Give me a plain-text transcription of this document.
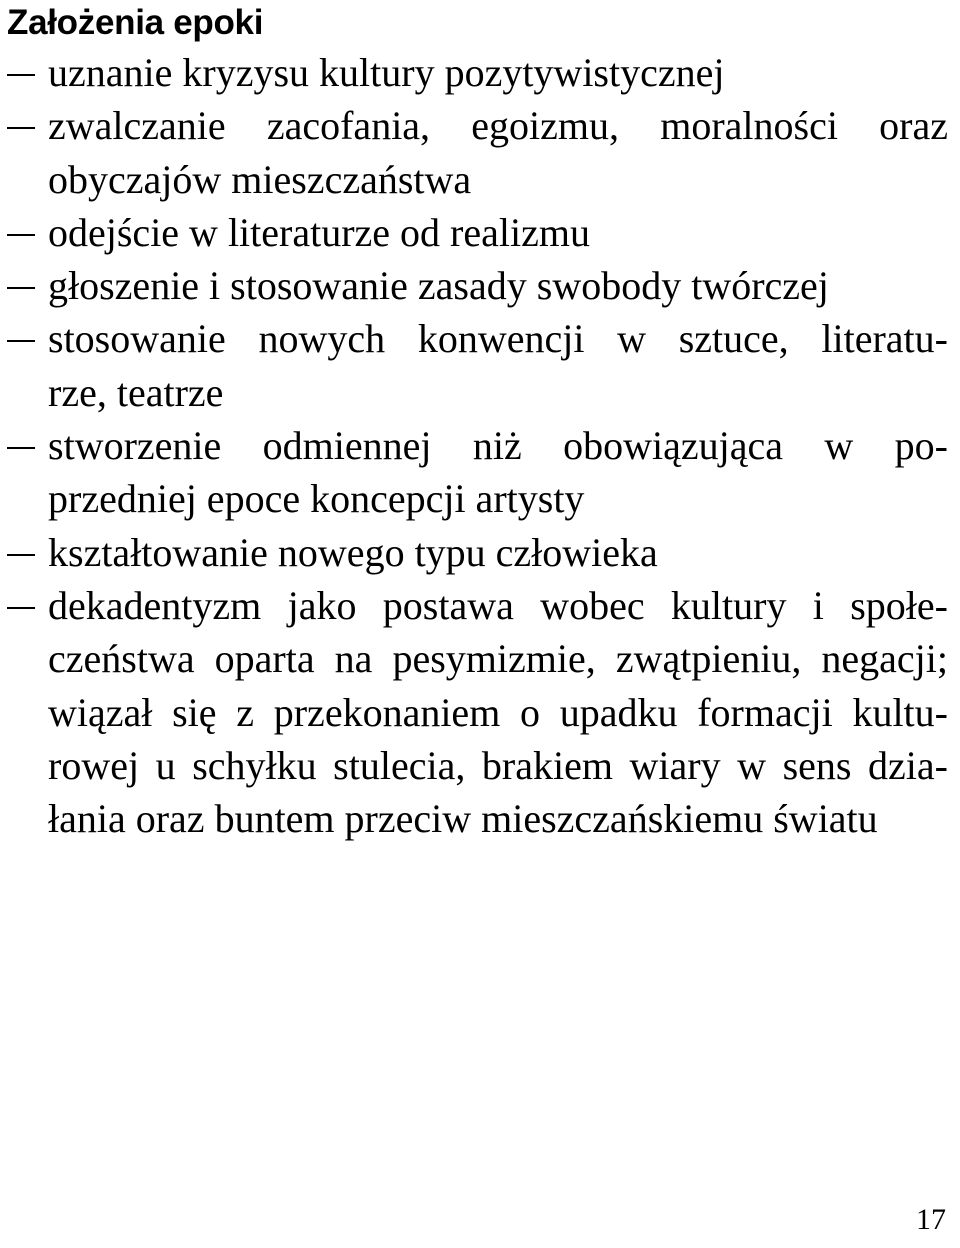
Założenia epoki
uznanie kryzysu kultury pozytywistycznej
zwalczanie zacofania, egoizmu, moralności oraz
obyczajów mieszczaństwa
odejście w literaturze od realizmu
głoszenie i stosowanie zasady swobody twórczej
stosowanie nowych konwencji w sztuce, literatu-
rze, teatrze
stworzenie odmiennej niż obowiązująca w po-
przedniej epoce koncepcji artysty
kształtowanie nowego typu człowieka
dekadentyzm jako postawa wobec kultury i społe-
czeństwa oparta na pesymizmie, zwątpieniu, negacji;
wiązał się z przekonaniem o upadku formacji kultu-
rowej u schyłku stulecia, brakiem wiary w sens dzia-
łania oraz buntem przeciw mieszczańskiemu światu
17
